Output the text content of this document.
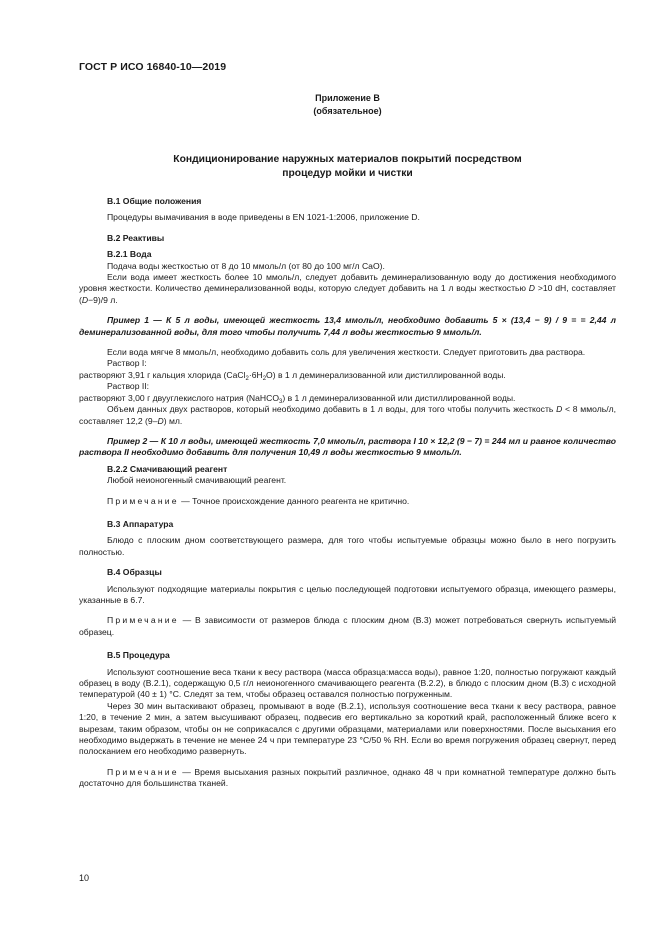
ГОСТ Р ИСО 16840-10—2019
Приложение В
(обязательное)
Кондиционирование наружных материалов покрытий посредством
процедур мойки и чистки

В.1 Общие положения

Процедуры вымачивания в воде приведены в EN 1021-1:2006, приложение D.

В.2 Реактивы

В.2.1 Вода

Подача воды жесткостью от 8 до 10 ммоль/л (от 80 до 100 мг/л CaO).

Если вода имеет жесткость более 10 ммоль/л, следует добавить деминерализованную воду до достижения необходимого уровня жесткости. Количество деминерализованной воды, которую следует добавить на 1 л воды жесткостью D >10 dH, составляет (D−9)/9 л.

Пример 1 — К 5 л воды, имеющей жесткость 13,4 ммоль/л, необходимо добавить 5 × (13,4 − 9) / 9 = = 2,44 л деминерализованной воды, для того чтобы получить 7,44 л воды жесткостью 9 ммоль/л.

Если вода мягче 8 ммоль/л, необходимо добавить соль для увеличения жесткости. Следует приготовить два раствора.

Раствор I:

растворяют 3,91 г кальция хлорида $(CaCl_2\cdot 6H_2O)$ в 1 л деминерализованной или дистиллированной воды.

Раствор II:

растворяют 3,00 г двууглекислого натрия (NaHCO$_3$) в 1 л деминерализованной или дистиллированной воды.

Объем данных двух растворов, который необходимо добавить в 1 л воды, для того чтобы получить жесткость D < 8 ммоль/л, составляет 12,2 (9–D) мл.

Пример 2 — К 10 л воды, имеющей жесткость 7,0 ммоль/л, раствора I 10 × 12,2 (9 − 7) = 244 мл и равное количество раствора II необходимо добавить для получения 10,49 л воды жесткостью 9 ммоль/л.

В.2.2 Смачивающий реагент

Любой неионогенный смачивающий реагент.

Примечание — Точное происхождение данного реагента не критично.

В.3 Аппаратура

Блюдо с плоским дном соответствующего размера, для того чтобы испытуемые образцы можно было в него погрузить полностью.

В.4 Образцы

Используют подходящие материалы покрытия с целью последующей подготовки испытуемого образца, имеющего размеры, указанные в 6.7.

Примечание — В зависимости от размеров блюда с плоским дном (В.3) может потребоваться свернуть испытуемый образец.

В.5 Процедура

Используют соотношение веса ткани к весу раствора (масса образца:масса воды), равное 1:20, полностью погружают каждый образец в воду (В.2.1), содержащую 0,5 г/л неионогенного смачивающего реагента (В.2.2), в блюдо с плоским дном (В.3) с исходной температурой (40 ± 1) °С. Следят за тем, чтобы образец оставался полностью погруженным.

Через 30 мин вытаскивают образец, промывают в воде (В.2.1), используя соотношение веса ткани к весу раствора, равное 1:20, в течение 2 мин, а затем высушивают образец, подвесив его вертикально за короткий край, расположенный ближе всего к вырезам, таким образом, чтобы он не соприкасался с другими образцами, материалами или поверхностями. После высыхания его необходимо выдержать в течение не менее 24 ч при температуре 23 °С/50 % RH. Если во время погружения образец свернут, перед полосканием его необходимо развернуть.

Примечание — Время высыхания разных покрытий различное, однако 48 ч при комнатной температуре должно быть достаточно для большинства тканей.

10
